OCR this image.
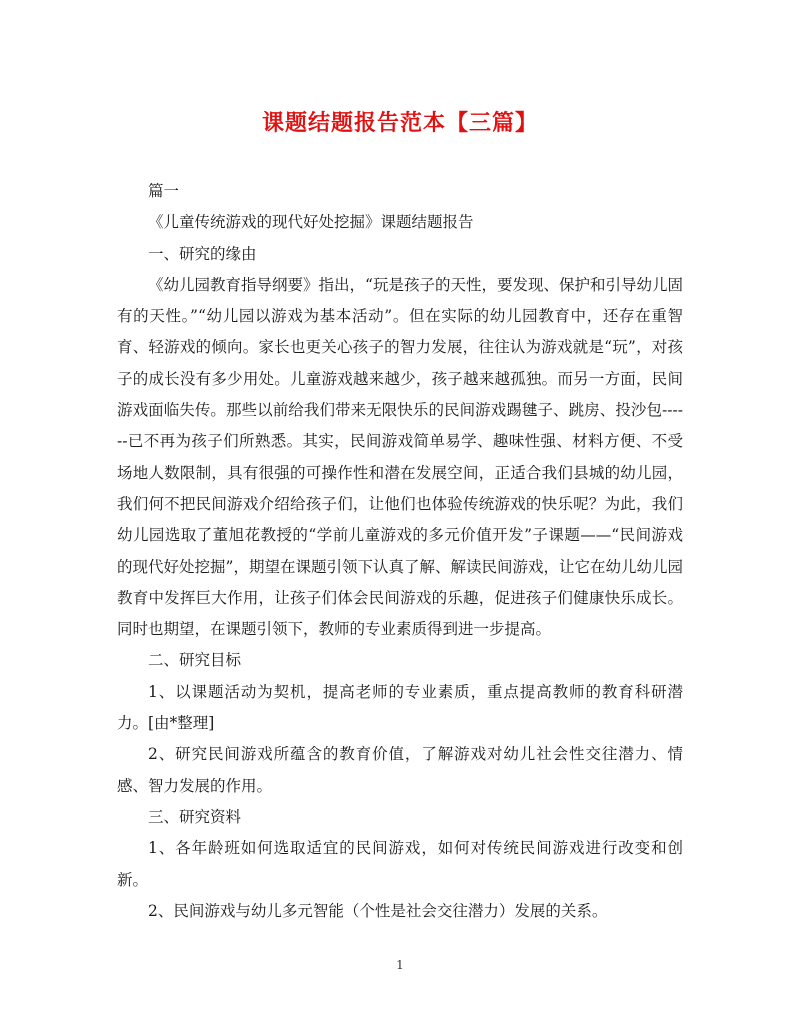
课题结题报告范本【三篇】

篇一

《儿童传统游戏的现代好处挖掘》课题结题报告

一、研究的缘由

《幼儿园教育指导纲要》指出，“玩是孩子的天性，要发现、保护和引导幼儿固有的天性。”“幼儿园以游戏为基本活动”。但在实际的幼儿园教育中，还存在重智育、轻游戏的倾向。家长也更关心孩子的智力发展，往往认为游戏就是“玩”，对孩子的成长没有多少用处。儿童游戏越来越少，孩子越来越孤独。而另一方面，民间游戏面临失传。那些以前给我们带来无限快乐的民间游戏踢毽子、跳房、投沙包------已不再为孩子们所熟悉。其实，民间游戏简单易学、趣味性强、材料方便、不受场地人数限制，具有很强的可操作性和潜在发展空间，正适合我们县城的幼儿园，我们何不把民间游戏介绍给孩子们，让他们也体验传统游戏的快乐呢？为此，我们幼儿园选取了董旭花教授的“学前儿童游戏的多元价值开发”子课题——“民间游戏的现代好处挖掘”，期望在课题引领下认真了解、解读民间游戏，让它在幼儿幼儿园教育中发挥巨大作用，让孩子们体会民间游戏的乐趣，促进孩子们健康快乐成长。同时也期望，在课题引领下，教师的专业素质得到进一步提高。

二、研究目标

1、以课题活动为契机，提高老师的专业素质，重点提高教师的教育科研潜力。[由*整理]

2、研究民间游戏所蕴含的教育价值，了解游戏对幼儿社会性交往潜力、情感、智力发展的作用。

三、研究资料

1、各年龄班如何选取适宜的民间游戏，如何对传统民间游戏进行改变和创新。

2、民间游戏与幼儿多元智能（个性是社会交往潜力）发展的关系。

1
